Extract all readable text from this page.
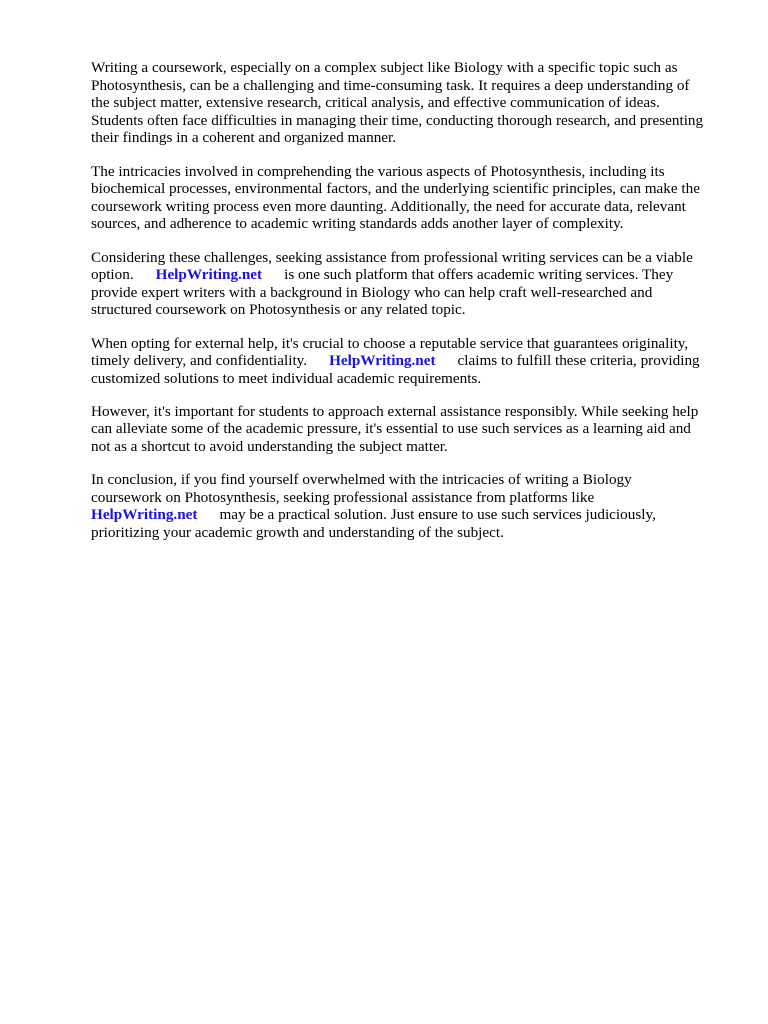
Writing a coursework, especially on a complex subject like Biology with a specific topic such as
Photosynthesis, can be a challenging and time-consuming task. It requires a deep understanding of
the subject matter, extensive research, critical analysis, and effective communication of ideas.
Students often face difficulties in managing their time, conducting thorough research, and presenting
their findings in a coherent and organized manner.
The intricacies involved in comprehending the various aspects of Photosynthesis, including its
biochemical processes, environmental factors, and the underlying scientific principles, can make the
coursework writing process even more daunting. Additionally, the need for accurate data, relevant
sources, and adherence to academic writing standards adds another layer of complexity.
Considering these challenges, seeking assistance from professional writing services can be a viable
option. HelpWriting.net is one such platform that offers academic writing services. They
provide expert writers with a background in Biology who can help craft well-researched and
structured coursework on Photosynthesis or any related topic.
When opting for external help, it's crucial to choose a reputable service that guarantees originality,
timely delivery, and confidentiality. HelpWriting.net claims to fulfill these criteria, providing
customized solutions to meet individual academic requirements.
However, it's important for students to approach external assistance responsibly. While seeking help
can alleviate some of the academic pressure, it's essential to use such services as a learning aid and
not as a shortcut to avoid understanding the subject matter.
In conclusion, if you find yourself overwhelmed with the intricacies of writing a Biology
coursework on Photosynthesis, seeking professional assistance from platforms like
HelpWriting.net may be a practical solution. Just ensure to use such services judiciously,
prioritizing your academic growth and understanding of the subject.
